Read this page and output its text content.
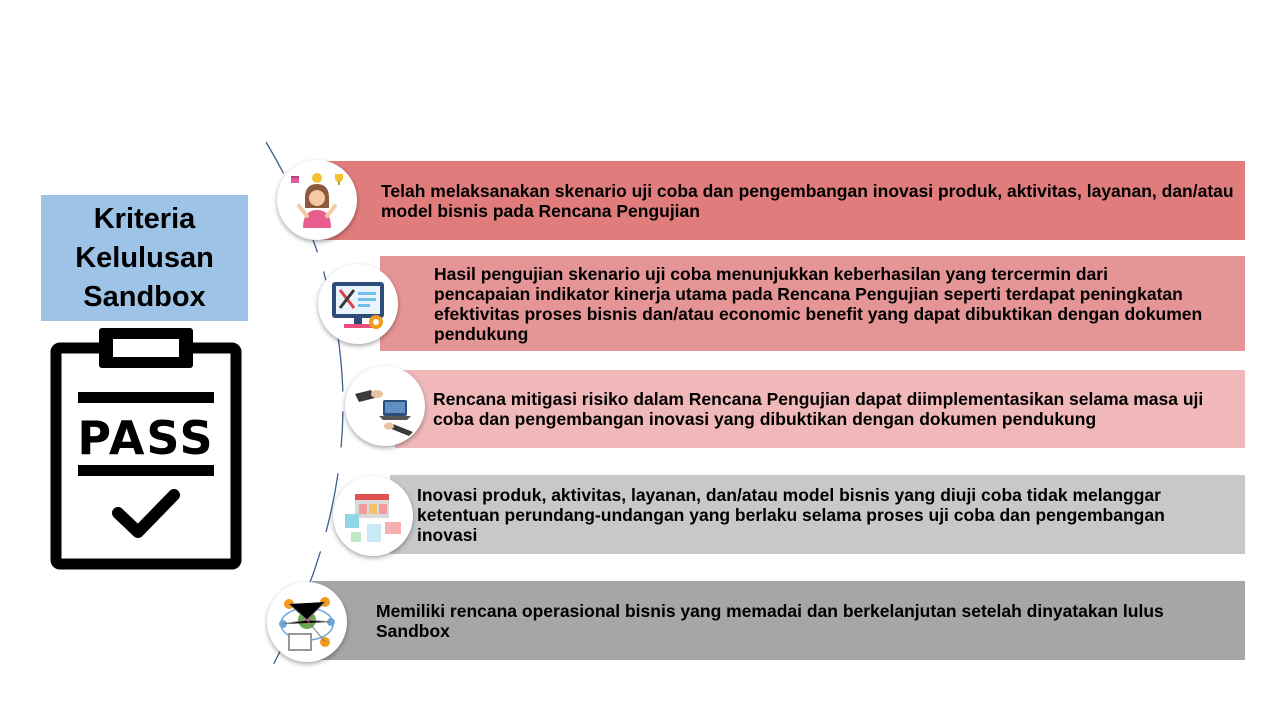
Kriteria
Kelulusan
Sandbox
PASS
Telah melaksanakan skenario uji coba dan pengembangan inovasi produk, aktivitas, layanan, dan/atau model bisnis pada Rencana Pengujian
Hasil pengujian skenario uji coba menunjukkan keberhasilan yang tercermin dari pencapaian indikator kinerja utama pada Rencana Pengujian seperti terdapat peningkatan efektivitas proses bisnis dan/atau economic benefit yang dapat dibuktikan dengan dokumen pendukung
Rencana mitigasi risiko dalam Rencana Pengujian dapat diimplementasikan selama masa uji coba dan pengembangan inovasi yang dibuktikan dengan dokumen pendukung
Inovasi produk, aktivitas, layanan, dan/atau model bisnis yang diuji coba tidak melanggar ketentuan perundang-undangan yang berlaku selama proses uji coba dan pengembangan inovasi
Memiliki rencana operasional bisnis yang memadai dan berkelanjutan setelah dinyatakan lulus Sandbox
